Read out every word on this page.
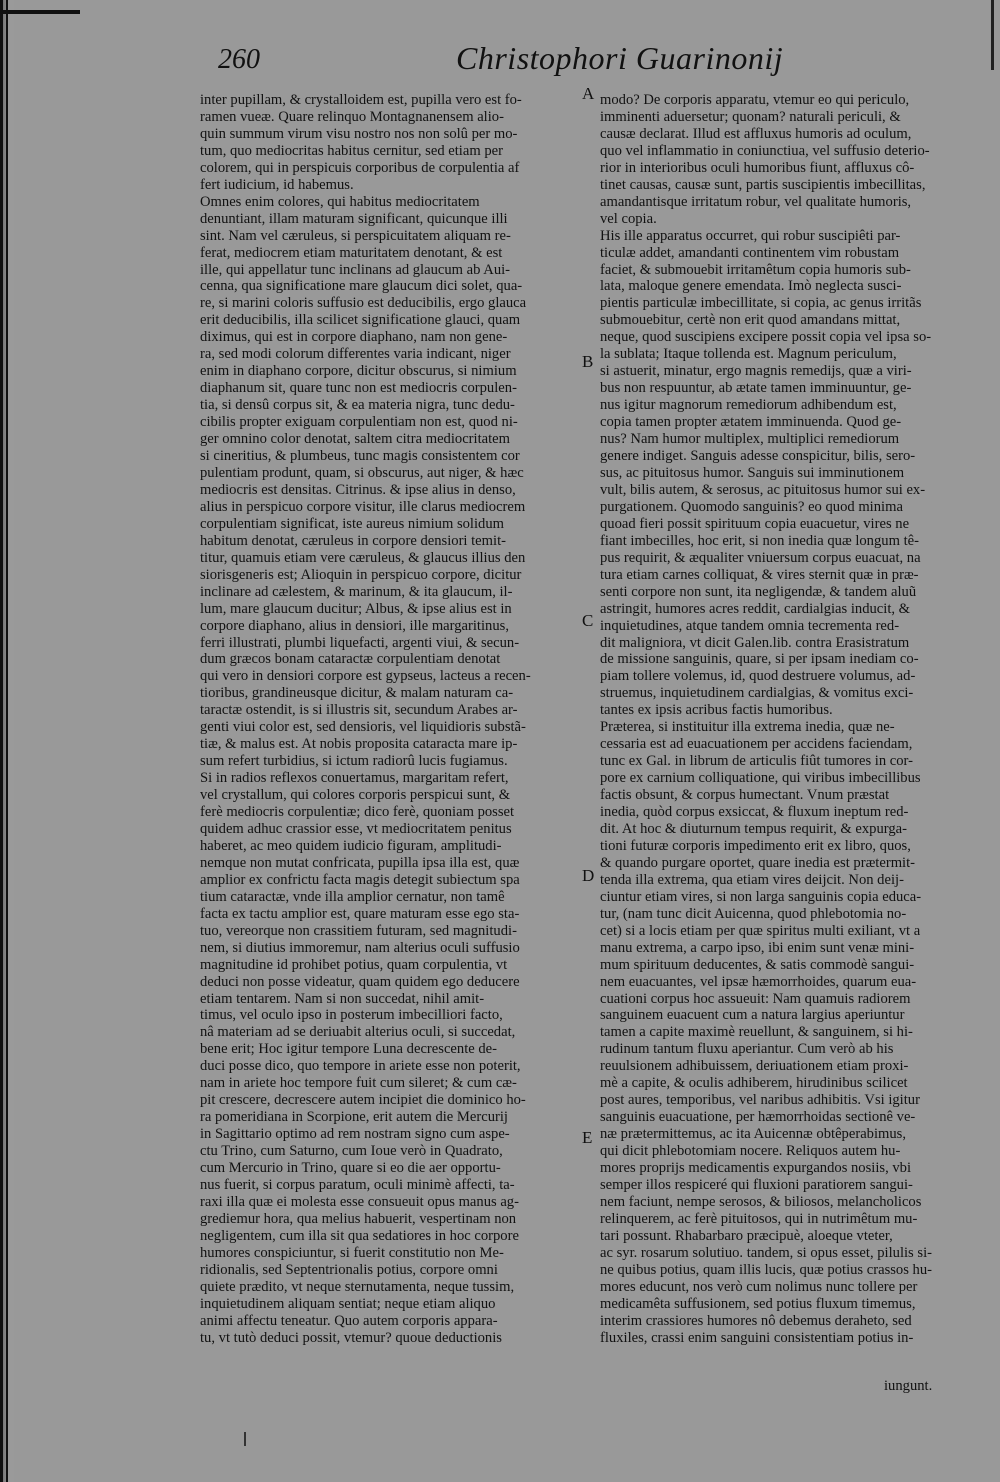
260	Christophori Guarinonij
inter pupillam, & crystalloidem est, pupilla vero est fo-
ramen vueæ. Quare relinquo Montagnanensem alio-
quin summum virum visu nostro nos non solû per mo-
tum, quo mediocritas habitus cernitur, sed etiam per
colorem, qui in perspicuis corporibus de corpulentia af
fert iudicium, id habemus.
Omnes enim colores, qui habitus mediocritatem
denuntiant, illam maturam significant, quicunque illi
sint. Nam vel cæruleus, si perspicuitatem aliquam re-
ferat, mediocrem etiam maturitatem denotant, & est
ille, qui appellatur tunc inclinans ad glaucum ab Aui-
cenna, qua significatione mare glaucum dici solet, qua-
re, si marini coloris suffusio est deducibilis, ergo glauca
erit deducibilis, illa scilicet significatione glauci, quam
diximus, qui est in corpore diaphano, nam non gene-
ra, sed modi colorum differentes varia indicant, niger
enim in diaphano corpore, dicitur obscurus, si nimium
diaphanum sit, quare tunc non est mediocris corpulen-
tia, si densû corpus sit, & ea materia nigra, tunc dedu-
cibilis propter exiguam corpulentiam non est, quod ni-
ger omnino color denotat, saltem citra mediocritatem
si cineritius, & plumbeus, tunc magis consistentem cor
pulentiam produnt, quam, si obscurus, aut niger, & hæc
mediocris est densitas. Citrinus. & ipse alius in denso,
alius in perspicuo corpore visitur, ille clarus mediocrem
corpulentiam significat, iste aureus nimium solidum
habitum denotat, cæruleus in corpore densiori temit-
titur, quamuis etiam vere cæruleus, & glaucus illius den
siorisgeneris est; Alioquin in perspicuo corpore, dicitur
inclinare ad cælestem, & marinum, & ita glaucum, il-
lum, mare glaucum ducitur; Albus, & ipse alius est in
corpore diaphano, alius in densiori, ille margaritinus,
ferri illustrati, plumbi liquefacti, argenti viui, & secun-
dum græcos bonam cataractæ corpulentiam denotat
qui vero in densiori corpore est gypseus, lacteus a recen-
tioribus, grandineusque dicitur, & malam naturam ca-
taractæ ostendit, is si illustris sit, secundum Arabes ar-
genti viui color est, sed densioris, vel liquidioris substã-
tiæ, & malus est. At nobis proposita cataracta mare ip-
sum refert turbidius, si ictum radiorû lucis fugiamus.
Si in radios reflexos conuertamus, margaritam refert,
vel crystallum, qui colores corporis perspicui sunt, &
ferè mediocris corpulentiæ; dico ferè, quoniam posset
quidem adhuc crassior esse, vt mediocritatem penitus
haberet, ac meo quidem iudicio figuram, amplitudi-
nemque non mutat confricata, pupilla ipsa illa est, quæ
amplior ex confrictu facta magis detegit subiectum spa
tium cataractæ, vnde illa amplior cernatur, non tamê
facta ex tactu amplior est, quare maturam esse ego sta-
tuo, vereorque non crassitiem futuram, sed magnitudi-
nem, si diutius immoremur, nam alterius oculi suffusio
magnitudine id prohibet potius, quam corpulentia, vt
deduci non posse videatur, quam quidem ego deducere
etiam tentarem. Nam si non succedat, nihil amit-
timus, vel oculo ipso in posterum imbecilliori facto,
nâ materiam ad se deriuabit alterius oculi, si succedat,
bene erit; Hoc igitur tempore Luna decrescente de-
duci posse dico, quo tempore in ariete esse non poterit,
nam in ariete hoc tempore fuit cum sileret; & cum cæ-
pit crescere, decrescere autem incipiet die dominico ho-
ra pomeridiana in Scorpione, erit autem die Mercurij
in Sagittario optimo ad rem nostram signo cum aspe-
ctu Trino, cum Saturno, cum Ioue verò in Quadrato,
cum Mercurio in Trino, quare si eo die aer opportu-
nus fuerit, si corpus paratum, oculi minimè affecti, ta-
raxi illa quæ ei molesta esse consueuit opus manus ag-
grediemur hora, qua melius habuerit, vespertinam non
negligentem, cum illa sit qua sedatiores in hoc corpore
humores conspiciuntur, si fuerit constitutio non Me-
ridionalis, sed Septentrionalis potius, corpore omni
quiete prædito, vt neque sternutamenta, neque tussim,
inquietudinem aliquam sentiat; neque etiam aliquo
animi affectu teneatur. Quo autem corporis appara-
tu, vt tutò deduci possit, vtemur? quoue deductionis
modo? De corporis apparatu, vtemur eo qui periculo,
imminenti aduersetur; quonam? naturali periculi, &
causæ declarat. Illud est affluxus humoris ad oculum,
quo vel inflammatio in coniunctiua, vel suffusio deterio-
rior in interioribus oculi humoribus fiunt, affluxus cô-
tinet causas, causæ sunt, partis suscipientis imbecillitas,
amandantisque irritatum robur, vel qualitate humoris,
vel copia.
His ille apparatus occurret, qui robur suscipiêti par-
ticulæ addet, amandanti continentem vim robustam
faciet, & submouebit irritamêtum copia humoris sub-
lata, maloque genere emendata. Imò neglecta susci-
pientis particulæ imbecillitate, si copia, ac genus irritãs
submouebitur, certè non erit quod amandans mittat,
neque, quod suscipiens excipere possit copia vel ipsa so-
la sublata; Itaque tollenda est. Magnum periculum,
si astuerit, minatur, ergo magnis remedijs, quæ a viri-
bus non respuuntur, ab ætate tamen imminuuntur, ge-
nus igitur magnorum remediorum adhibendum est,
copia tamen propter ætatem imminuenda. Quod ge-
nus? Nam humor multiplex, multiplici remediorum
genere indiget. Sanguis adesse conspicitur, bilis, sero-
sus, ac pituitosus humor. Sanguis sui imminutionem
vult, bilis autem, & serosus, ac pituitosus humor sui ex-
purgationem. Quomodo sanguinis? eo quod minima
quoad fieri possit spirituum copia euacuetur, vires ne
fiant imbecilles, hoc erit, si non inedia quæ longum tê-
pus requirit, & æqualiter vniuersum corpus euacuat, na
tura etiam carnes colliquat, & vires sternit quæ in præ-
senti corpore non sunt, ita negligendæ, & tandem aluũ
astringit, humores acres reddit, cardialgias inducit, &
inquietudines, atque tandem omnia tecrementa red-
dit maligniora, vt dicit Galen.lib. contra Erasistratum
de missione sanguinis, quare, si per ipsam inediam co-
piam tollere volemus, id, quod destruere volumus, ad-
struemus, inquietudinem cardialgias, & vomitus exci-
tantes ex ipsis acribus factis humoribus.
Præterea, si instituitur illa extrema inedia, quæ ne-
cessaria est ad euacuationem per accidens faciendam,
tunc ex Gal. in librum de articulis fiût tumores in cor-
pore ex carnium colliquatione, qui viribus imbecillibus
factis obsunt, & corpus humectant. Vnum præstat
inedia, quòd corpus exsiccat, & fluxum ineptum red-
dit. At hoc & diuturnum tempus requirit, & expurga-
tioni futuræ corporis impedimento erit ex libro, quos,
& quando purgare oportet, quare inedia est prætermit-
tenda illa extrema, qua etiam vires deijcit. Non deij-
ciuntur etiam vires, si non larga sanguinis copia educa-
tur, (nam tunc dicit Auicenna, quod phlebotomia no-
cet) si a locis etiam per quæ spiritus multi exiliant, vt a
manu extrema, a carpo ipso, ibi enim sunt venæ mini-
mum spirituum deducentes, & satis commodè sangui-
nem euacuantes, vel ipsæ hæmorrhoides, quarum eua-
cuationi corpus hoc assueuit: Nam quamuis radiorem
sanguinem euacuent cum a natura largius aperiuntur
tamen a capite maximè reuellunt, & sanguinem, si hi-
rudinum tantum fluxu aperiantur. Cum verò ab his
reuulsionem adhibuissem, deriuationem etiam proxi-
mè a capite, & oculis adhiberem, hirudinibus scilicet
post aures, temporibus, vel naribus adhibitis. Vsi igitur
sanguinis euacuatione, per hæmorrhoidas sectionê ve-
næ prætermittemus, ac ita Auicennæ obtêperabimus,
qui dicit phlebotomiam nocere. Reliquos autem hu-
mores proprijs medicamentis expurgandos nosiis, vbi
semper illos respiceré qui fluxioni paratiorem sangui-
nem faciunt, nempe serosos, & biliosos, melancholicos
relinquerem, ac ferè pituitosos, qui in nutrimêtum mu-
tari possunt. Rhabarbaro præcipuè, aloeque vteter,
ac syr. rosarum solutiuo. tandem, si opus esset, pilulis si-
ne quibus potius, quam illis lucis, quæ potius crassos hu-
mores educunt, nos verò cum nolimus nunc tollere per
medicamêta suffusionem, sed potius fluxum timemus,
interim crassiores humores nô debemus deraheto, sed
fluxiles, crassi enim sanguini consistentiam potius in-
A
B
C
D
E
iungunt.
